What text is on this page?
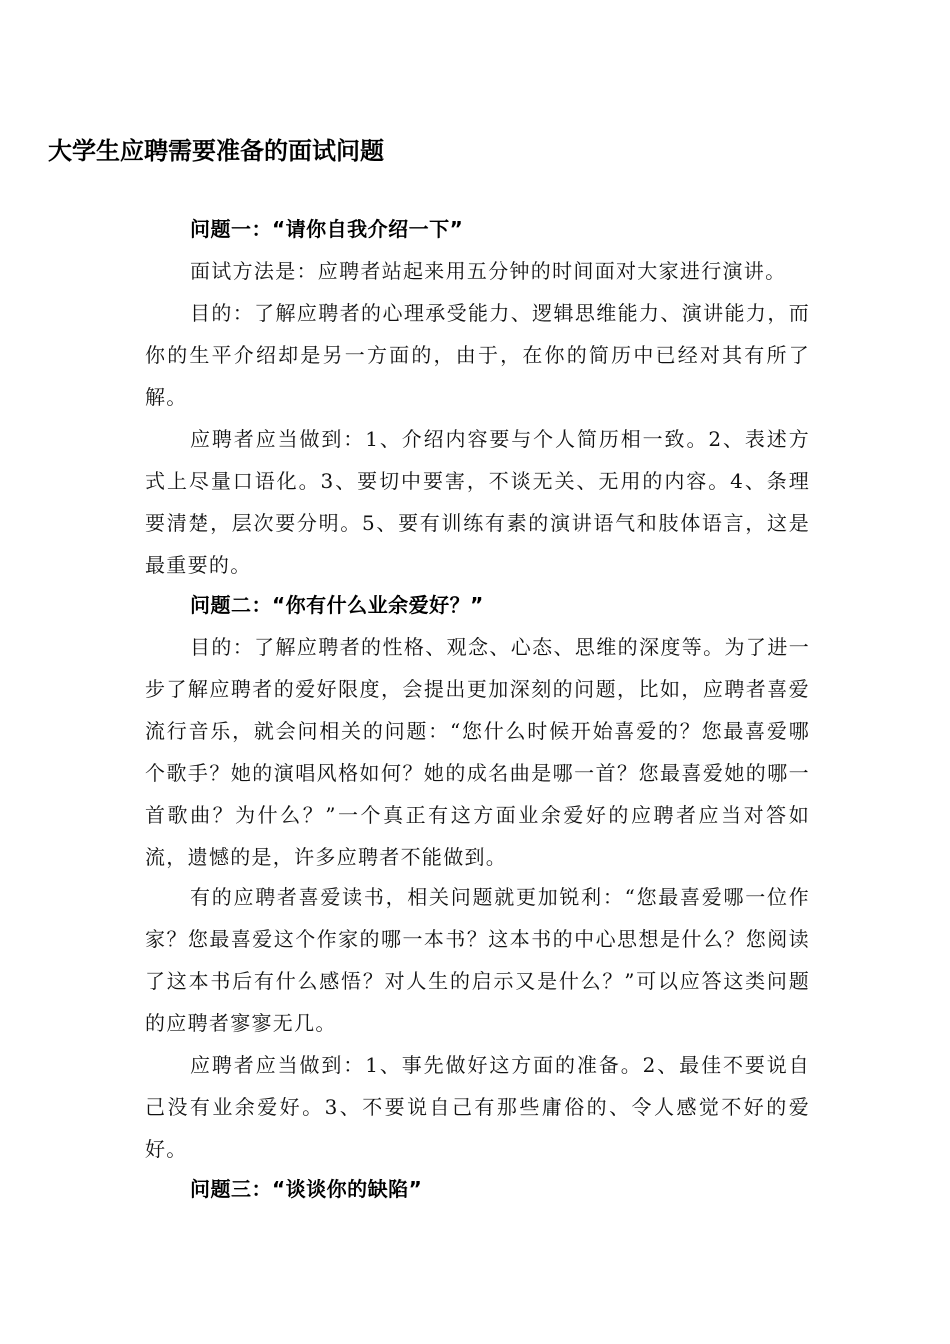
大学生应聘需要准备的面试问题
问题一：“请你自我介绍一下”

面试方法是：应聘者站起来用五分钟的时间面对大家进行演讲。

目的：了解应聘者的心理承受能力、逻辑思维能力、演讲能力，而你的生平介绍却是另一方面的，由于，在你的简历中已经对其有所了解。

应聘者应当做到：1、介绍内容要与个人简历相一致。2、表述方式上尽量口语化。3、要切中要害，不谈无关、无用的内容。4、条理要清楚，层次要分明。5、要有训练有素的演讲语气和肢体语言，这是最重要的。

问题二：“你有什么业余爱好？”

目的：了解应聘者的性格、观念、心态、思维的深度等。为了进一步了解应聘者的爱好限度，会提出更加深刻的问题，比如，应聘者喜爱流行音乐，就会问相关的问题：“您什么时候开始喜爱的？您最喜爱哪个歌手？她的演唱风格如何？她的成名曲是哪一首？您最喜爱她的哪一首歌曲？为什么？”一个真正有这方面业余爱好的应聘者应当对答如流，遗憾的是，许多应聘者不能做到。

有的应聘者喜爱读书，相关问题就更加锐利：“您最喜爱哪一位作家？您最喜爱这个作家的哪一本书？这本书的中心思想是什么？您阅读了这本书后有什么感悟？对人生的启示又是什么？”可以应答这类问题的应聘者寥寥无几。

应聘者应当做到：1、事先做好这方面的准备。2、最佳不要说自己没有业余爱好。3、不要说自己有那些庸俗的、令人感觉不好的爱好。

问题三：“谈谈你的缺陷”
